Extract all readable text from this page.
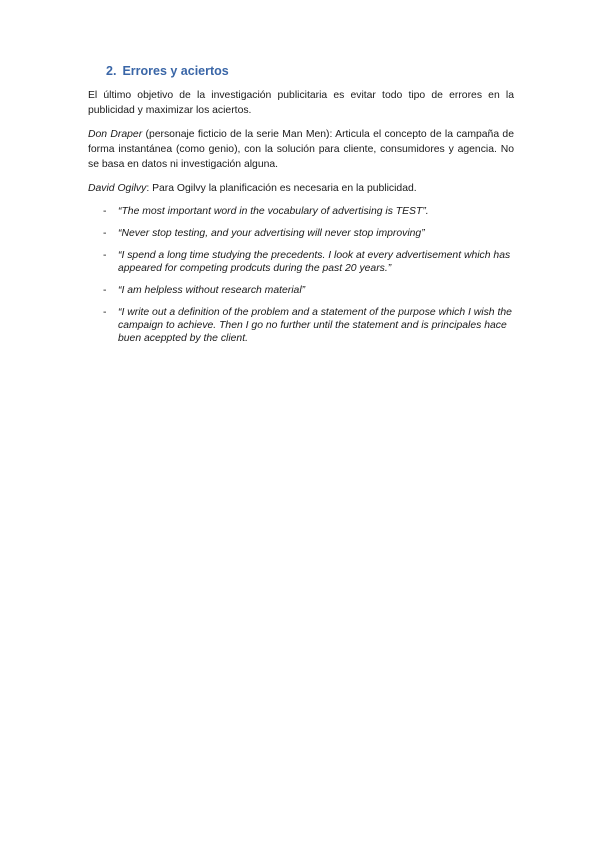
2. Errores y aciertos

El último objetivo de la investigación publicitaria es evitar todo tipo de errores en la publicidad y maximizar los aciertos.

Don Draper (personaje ficticio de la serie Man Men): Articula el concepto de la campaña de forma instantánea (como genio), con la solución para cliente, consumidores y agencia. No se basa en datos ni investigación alguna.

David Ogilvy: Para Ogilvy la planificación es necesaria en la publicidad.

- “The most important word in the vocabulary of advertising is TEST”.
- “Never stop testing, and your advertising will never stop improving”
- “I spend a long time studying the precedents. I look at every advertisement which has appeared for competing prodcuts during the past 20 years.”
- “I am helpless without research material”
- “I write out a definition of the problem and a statement of the purpose which I wish the campaign to achieve. Then I go no further until the statement and is principales hace buen aceppted by the client.
